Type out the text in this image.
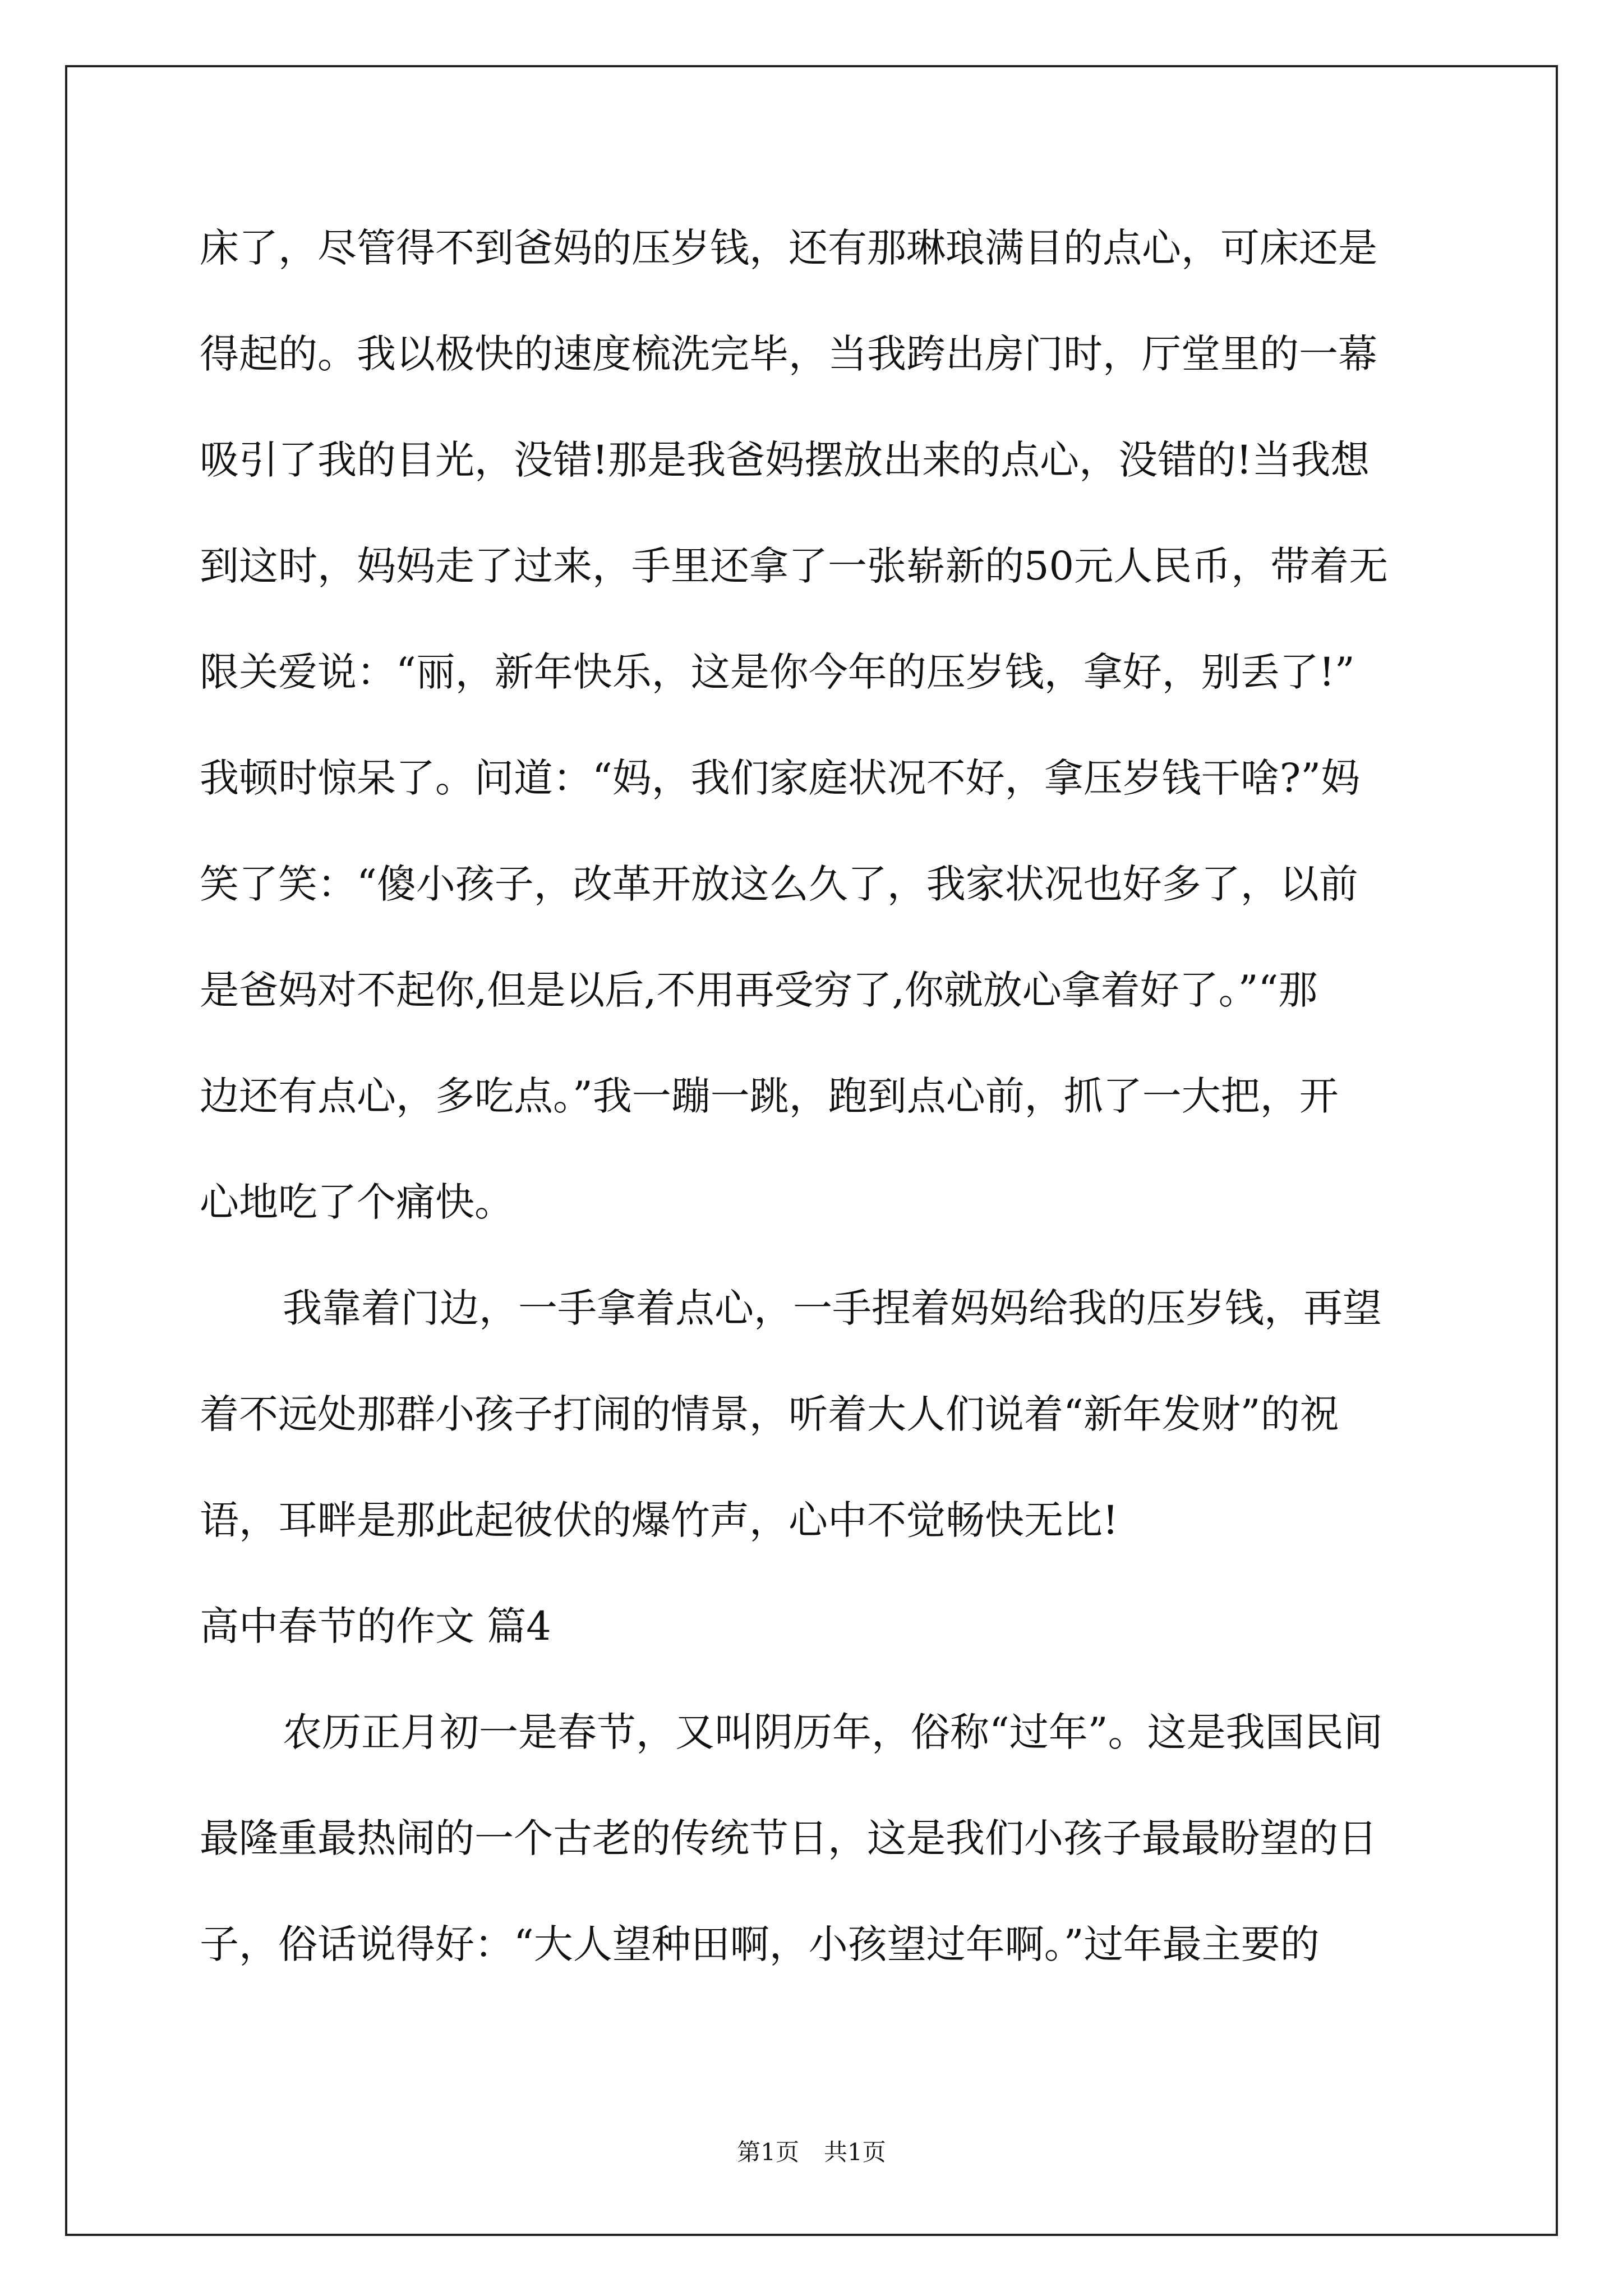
床了，尽管得不到爸妈的压岁钱，还有那琳琅满目的点心，可床还是
得起的。我以极快的速度梳洗完毕，当我跨出房门时，厅堂里的一幕
吸引了我的目光，没错!那是我爸妈摆放出来的点心，没错的!当我想
到这时，妈妈走了过来，手里还拿了一张崭新的50元人民币，带着无
限关爱说：“丽，新年快乐，这是你今年的压岁钱，拿好，别丢了!”
我顿时惊呆了。问道：“妈，我们家庭状况不好，拿压岁钱干啥?”妈
笑了笑：“傻小孩子，改革开放这么久了，我家状况也好多了，以前
是爸妈对不起你,但是以后,不用再受穷了,你就放心拿着好了。”“那
边还有点心，多吃点。”我一蹦一跳，跑到点心前，抓了一大把，开
心地吃了个痛快。
我靠着门边，一手拿着点心，一手捏着妈妈给我的压岁钱，再望
着不远处那群小孩子打闹的情景，听着大人们说着“新年发财”的祝
语，耳畔是那此起彼伏的爆竹声，心中不觉畅快无比!
高中春节的作文 篇4
农历正月初一是春节，又叫阴历年，俗称“过年”。这是我国民间
最隆重最热闹的一个古老的传统节日，这是我们小孩子最最盼望的日
子，俗话说得好：“大人望种田啊，小孩望过年啊。”过年最主要的
第1页 共1页
